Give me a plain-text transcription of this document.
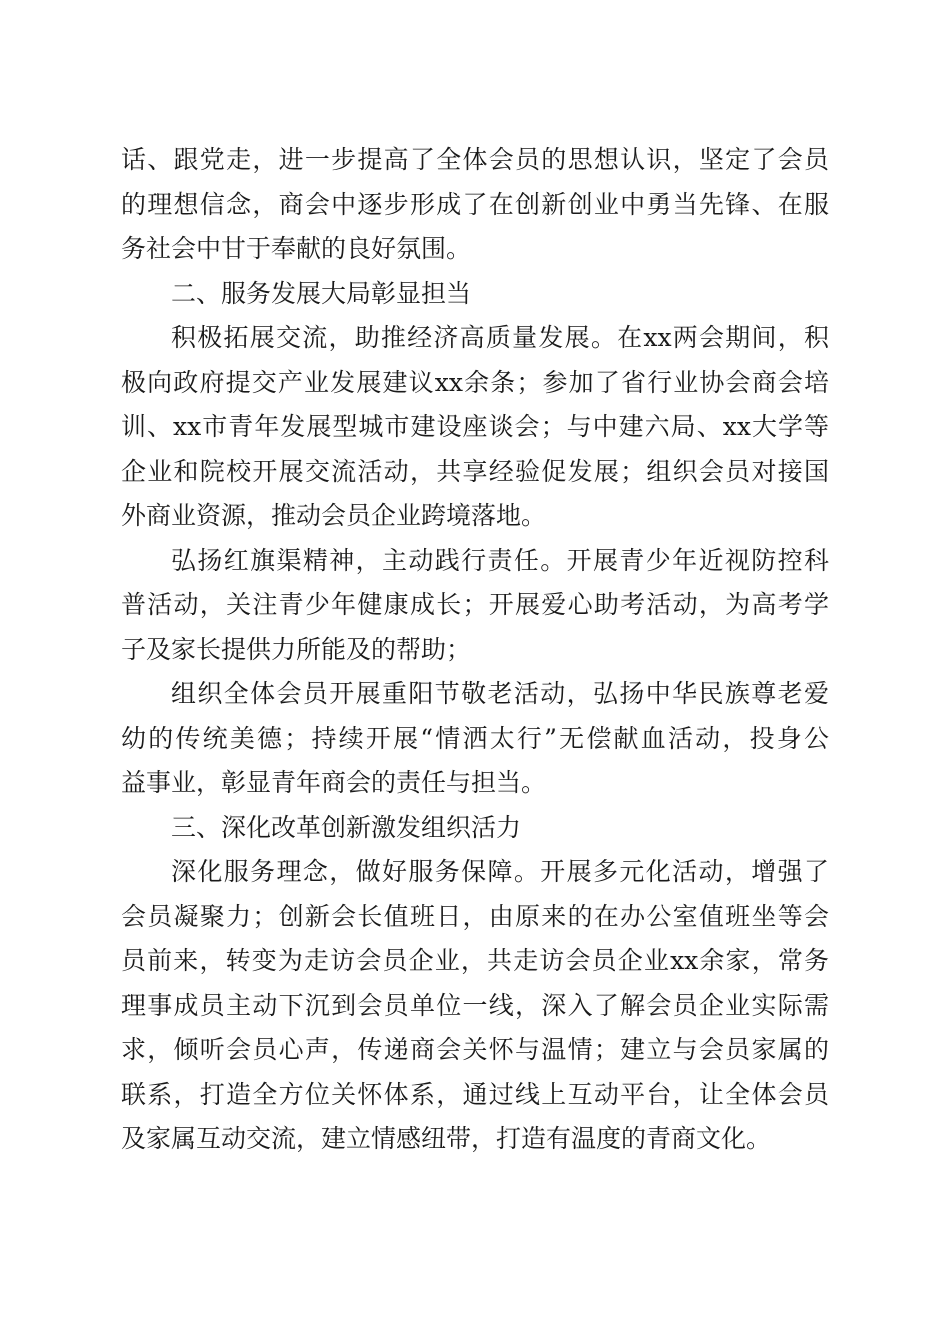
话、跟党走，进一步提高了全体会员的思想认识，坚定了会员
的理想信念，商会中逐步形成了在创新创业中勇当先锋、在服
务社会中甘于奉献的良好氛围。
二、服务发展大局彰显担当
积极拓展交流，助推经济高质量发展。在xx两会期间，积
极向政府提交产业发展建议xx余条；参加了省行业协会商会培
训、xx市青年发展型城市建设座谈会；与中建六局、xx大学等
企业和院校开展交流活动，共享经验促发展；组织会员对接国
外商业资源，推动会员企业跨境落地。
弘扬红旗渠精神，主动践行责任。开展青少年近视防控科
普活动，关注青少年健康成长；开展爱心助考活动，为高考学
子及家长提供力所能及的帮助；
组织全体会员开展重阳节敬老活动，弘扬中华民族尊老爱
幼的传统美德；持续开展“情洒太行”无偿献血活动，投身公
益事业，彰显青年商会的责任与担当。
三、深化改革创新激发组织活力
深化服务理念，做好服务保障。开展多元化活动，增强了
会员凝聚力；创新会长值班日，由原来的在办公室值班坐等会
员前来，转变为走访会员企业，共走访会员企业xx余家，常务
理事成员主动下沉到会员单位一线，深入了解会员企业实际需
求，倾听会员心声，传递商会关怀与温情；建立与会员家属的
联系，打造全方位关怀体系，通过线上互动平台，让全体会员
及家属互动交流，建立情感纽带，打造有温度的青商文化。
